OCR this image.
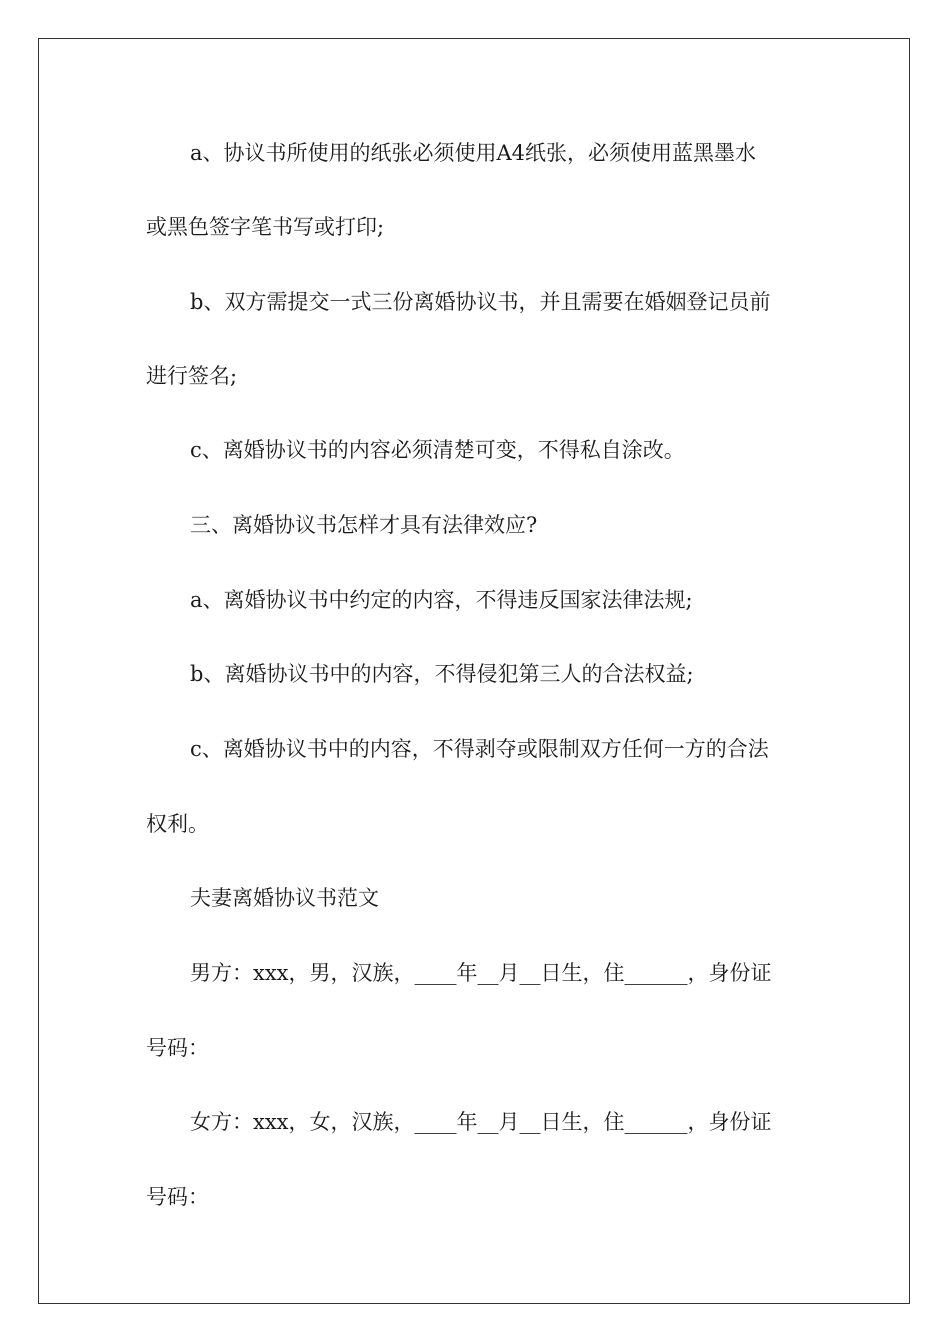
a、协议书所使用的纸张必须使用A4纸张，必须使用蓝黑墨水
或黑色签字笔书写或打印;
b、双方需提交一式三份离婚协议书，并且需要在婚姻登记员前
进行签名;
c、离婚协议书的内容必须清楚可变，不得私自涂改。
三、离婚协议书怎样才具有法律效应?
a、离婚协议书中约定的内容，不得违反国家法律法规;
b、离婚协议书中的内容，不得侵犯第三人的合法权益;
c、离婚协议书中的内容，不得剥夺或限制双方任何一方的合法
权利。
夫妻离婚协议书范文
男方：xxx，男，汉族，____年__月__日生，住______，身份证
号码：
女方：xxx，女，汉族，____年__月__日生，住______，身份证
号码：
